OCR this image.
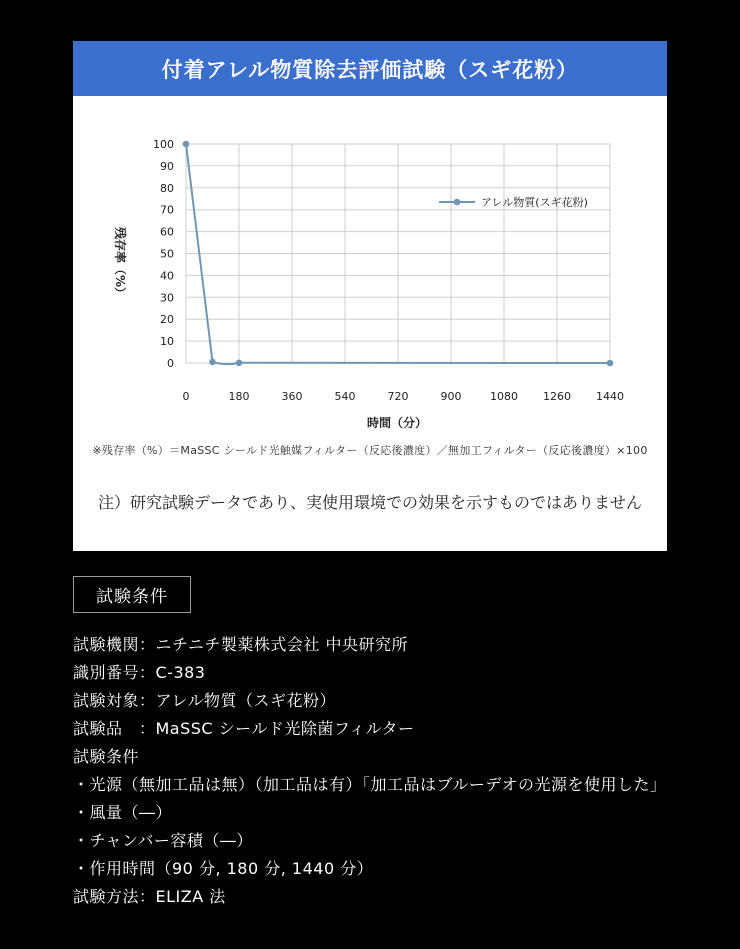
付着アレル物質除去評価試験（スギ花粉）
0
10
20
30
40
50
60
70
80
90
100
0	180	360	540	720	900	1080 1260 1440
アレル物質(スギ花粉)
残存率（%）
時間（分）
※残存率（%）＝MaSSC シールド光触媒フィルター（反応後濃度）／無加工フィルター（反応後濃度）×100
注）研究試験データであり、実使用環境での効果を示すものではありません
試験条件
試験機関：ニチニチ製薬株式会社 中央研究所
識別番号：C-383
試験対象：アレル物質（スギ花粉）
試験品　：MaSSC シールド光除菌フィルター
試験条件
・光源（無加工品は無）（加工品は有）「加工品はブルーデオの光源を使用した」
・風量（―）
・チャンバー容積（―）
・作用時間（90 分, 180 分, 1440 分）
試験方法：ELIZA 法
